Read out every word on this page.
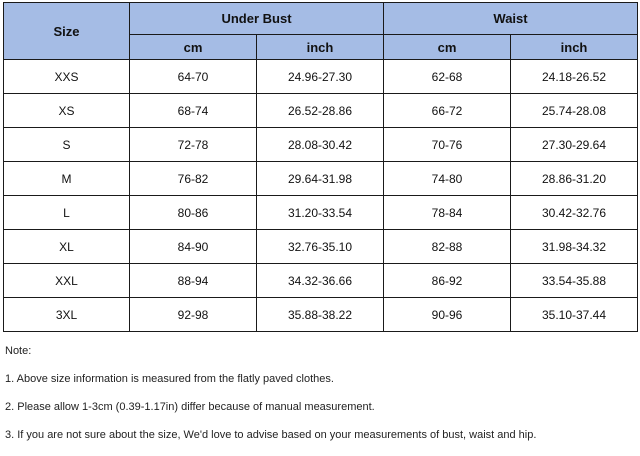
Size	Under Bust		Waist	
	cm	inch	cm	inch
XXS	64-70	24.96-27.30	62-68	24.18-26.52
XS	68-74	26.52-28.86	66-72	25.74-28.08
S	72-78	28.08-30.42	70-76	27.30-29.64
M	76-82	29.64-31.98	74-80	28.86-31.20
L	80-86	31.20-33.54	78-84	30.42-32.76
XL	84-90	32.76-35.10	82-88	31.98-34.32
XXL	88-94	34.32-36.66	86-92	33.54-35.88
3XL	92-98	35.88-38.22	90-96	35.10-37.44
Note:
1. Above size information is measured from the flatly paved clothes.
2. Please allow 1-3cm (0.39-1.17in) differ because of manual measurement.
3. If you are not sure about the size, We'd love to advise based on your measurements of bust, waist and hip.
